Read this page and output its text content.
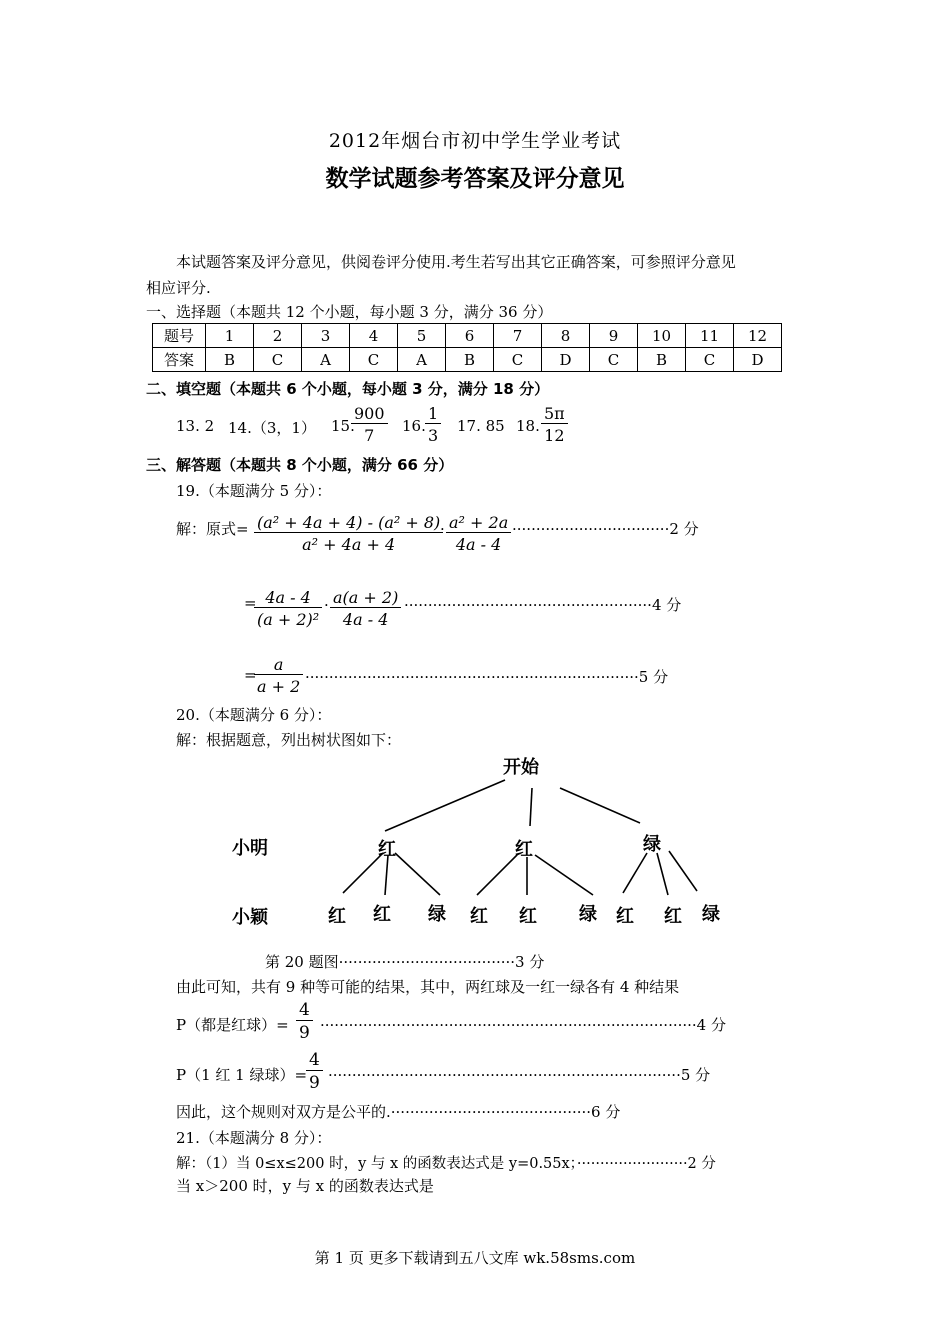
2012年烟台市初中学生学业考试
数学试题参考答案及评分意见
本试题答案及评分意见，供阅卷评分使用.考生若写出其它正确答案，可参照评分意见
相应评分.
一、选择题（本题共 12 个小题，每小题 3 分，满分 36 分）
题号	1	2	3	4	5	6	7	8	9	10	11	12
答案	B	C	A	C	A	B	C	D	C	B	C	D
二、填空题（本题共 6 个小题，每小题 3 分，满分 18 分）
13. 2 14.（3，1） 15.
$\frac{900}{7} 16$. $\frac{1}{3} 17$. 85 18. $\frac{5\pi}{12}$
三、解答题（本题共 8 个小题，满分 66 分）
19.（本题满分 5 分）：
解：原式= $\frac{\text{(a² + 4a + 4) - (a² + 8)}}{\text{a² + 4a + 4}}$
· $\frac{\text{a² + 2a}}{4a - 4} \cdot\cdot\cdot\cdot\cdot\cdot\cdot\cdot\cdot\cdot\cdot\cdot\cdot\cdot\cdot\cdot\cdot\cdot\cdot\cdot\cdot\cdot\cdot\cdot\cdot\cdot\cdot\cdot\cdot\cdot\cdot\cdot\cdot 2$ 分
=
$\frac{4a - 4}{\text{(a + 2)²}} \cdot \frac{a(a + 2)}{4a - 4} \cdot\cdot\cdot\cdot\cdot\cdot\cdot\cdot\cdot\cdot\cdot\cdot\cdot\cdot\cdot\cdot\cdot\cdot\cdot\cdot\cdot\cdot\cdot\cdot\cdot\cdot\cdot\cdot\cdot\cdot\cdot\cdot\cdot\cdot\cdot\cdot\cdot\cdot\cdot\cdot\cdot\cdot\cdot\cdot\cdot\cdot\cdot\cdot\cdot\cdot\cdot\cdot 4$ 分
=
$\frac{a}{a + 2} \cdot\cdot\cdot\cdot\cdot\cdot\cdot\cdot\cdot\cdot\cdot\cdot\cdot\cdot\cdot\cdot\cdot\cdot\cdot\cdot\cdot\cdot\cdot\cdot\cdot\cdot\cdot\cdot\cdot\cdot\cdot\cdot\cdot\cdot\cdot\cdot\cdot\cdot\cdot\cdot\cdot\cdot\cdot\cdot\cdot\cdot\cdot\cdot\cdot\cdot\cdot\cdot\cdot\cdot\cdot\cdot\cdot\cdot\cdot\cdot\cdot\cdot\cdot\cdot\cdot\cdot\cdot\cdot\cdot\cdot 5$ 分
20.（本题满分 6 分）：
解：根据题意，列出树状图如下：
开始
小明
小颖
红	红	绿
红 红 绿 红 红 绿 红 红 绿
第 20 题图·····································3 分
由此可知，共有 9 种等可能的结果，其中，两红球及一红一绿各有 4 种结果
P（都是红球）= $\frac{4}{9} \cdot\cdot\cdot\cdot\cdot\cdot\cdot\cdot\cdot\cdot\cdot\cdot\cdot\cdot\cdot\cdot\cdot\cdot\cdot\cdot\cdot\cdot\cdot\cdot\cdot\cdot\cdot\cdot\cdot\cdot\cdot\cdot\cdot\cdot\cdot\cdot\cdot\cdot\cdot\cdot\cdot\cdot\cdot\cdot\cdot\cdot\cdot\cdot\cdot\cdot\cdot\cdot\cdot\cdot\cdot\cdot\cdot\cdot\cdot\cdot\cdot\cdot\cdot\cdot\cdot\cdot\cdot\cdot\cdot\cdot\cdot\cdot\cdot\cdot\cdot\cdot\cdot\cdot\cdot 4$ 分
P（1 红 1 绿球）=
$\frac{4}{9} \cdot\cdot\cdot\cdot\cdot\cdot\cdot\cdot\cdot\cdot\cdot\cdot\cdot\cdot\cdot\cdot\cdot\cdot\cdot\cdot\cdot\cdot\cdot\cdot\cdot\cdot\cdot\cdot\cdot\cdot\cdot\cdot\cdot\cdot\cdot\cdot\cdot\cdot\cdot\cdot\cdot\cdot\cdot\cdot\cdot\cdot\cdot\cdot\cdot\cdot\cdot\cdot\cdot\cdot\cdot\cdot\cdot\cdot\cdot\cdot\cdot\cdot\cdot\cdot\cdot\cdot\cdot\cdot\cdot\cdot\cdot\cdot\cdot\cdot 5$ 分
因此，这个规则对双方是公平的.··········································6 分
21.（本题满分 8 分）：
解：（1）当 0≤x≤200 时，y 与 x 的函数表达式是 y=0.55x；························2 分
当 x＞200 时，y 与 x 的函数表达式是
第 1 页 更多下载请到五八文库 wk.58sms.com
